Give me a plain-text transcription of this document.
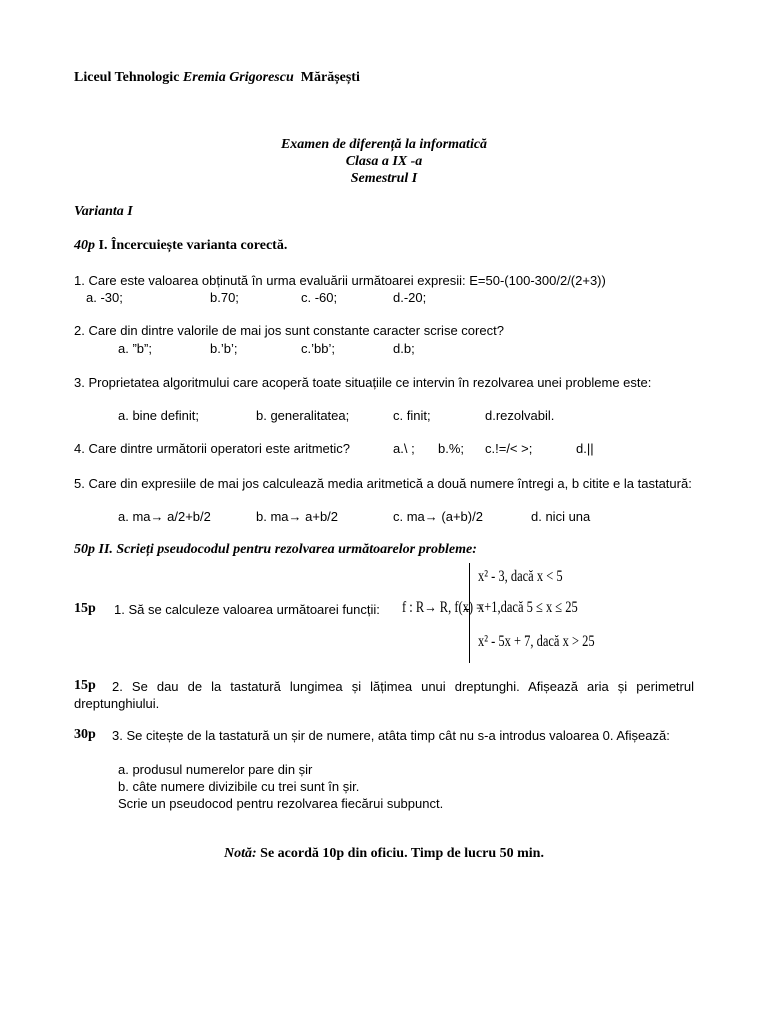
Liceul Tehnologic Eremia Grigorescu Mărășești
Examen de diferență la informatică
Clasa a IX -a
Semestrul I
Varianta I
40p I. Încercuiește varianta corectă.
1. Care este valoarea obținută în urma evaluării următoarei expresii: E=50-(100-300/2/(2+3))
a. -30;	b.70;	c. -60;	d.-20;
2. Care din dintre valorile de mai jos sunt constante caracter scrise corect?
a. ”b”;	b.’b’;	c.’bb’;	d.b;
3. Proprietatea algoritmului care acoperă toate situațiile ce intervin în rezolvarea unei probleme este:
a. bine definit;	b. generalitatea;	c. finit;	d.rezolvabil.
4. Care dintre următorii operatori este aritmetic?	a.\ ; b.%; c.!=/< >;	d.||
5. Care din expresiile de mai jos calculează media aritmetică a două numere întregi a, b citite e la tastatură:
a. ma→ a/2+b/2	b. ma→ a+b/2	c. ma→ (a+b)/2	d. nici una
50p II. Scrieți pseudocodul pentru rezolvarea următoarelor probleme:
15p 1. Să se calculeze valoarea următoarei funcții: f : R→ R, f(x) =
x² - 3, dacă x < 5
x+1,dacă 5 ≤ x ≤ 25
x² - 5x + 7, dacă x > 25
15p	2. Se dau de la tastatură lungimea și lățimea unui dreptunghi. Afișează aria și perimetrul dreptunghiului.
30p	3. Se citește de la tastatură un șir de numere, atâta timp cât nu s-a introdus valoarea 0. Afișează:
a. produsul numerelor pare din șir
b. câte numere divizibile cu trei sunt în șir.
Scrie un pseudocod pentru rezolvarea fiecărui subpunct.
Notă: Se acordă 10p din oficiu. Timp de lucru 50 min.
